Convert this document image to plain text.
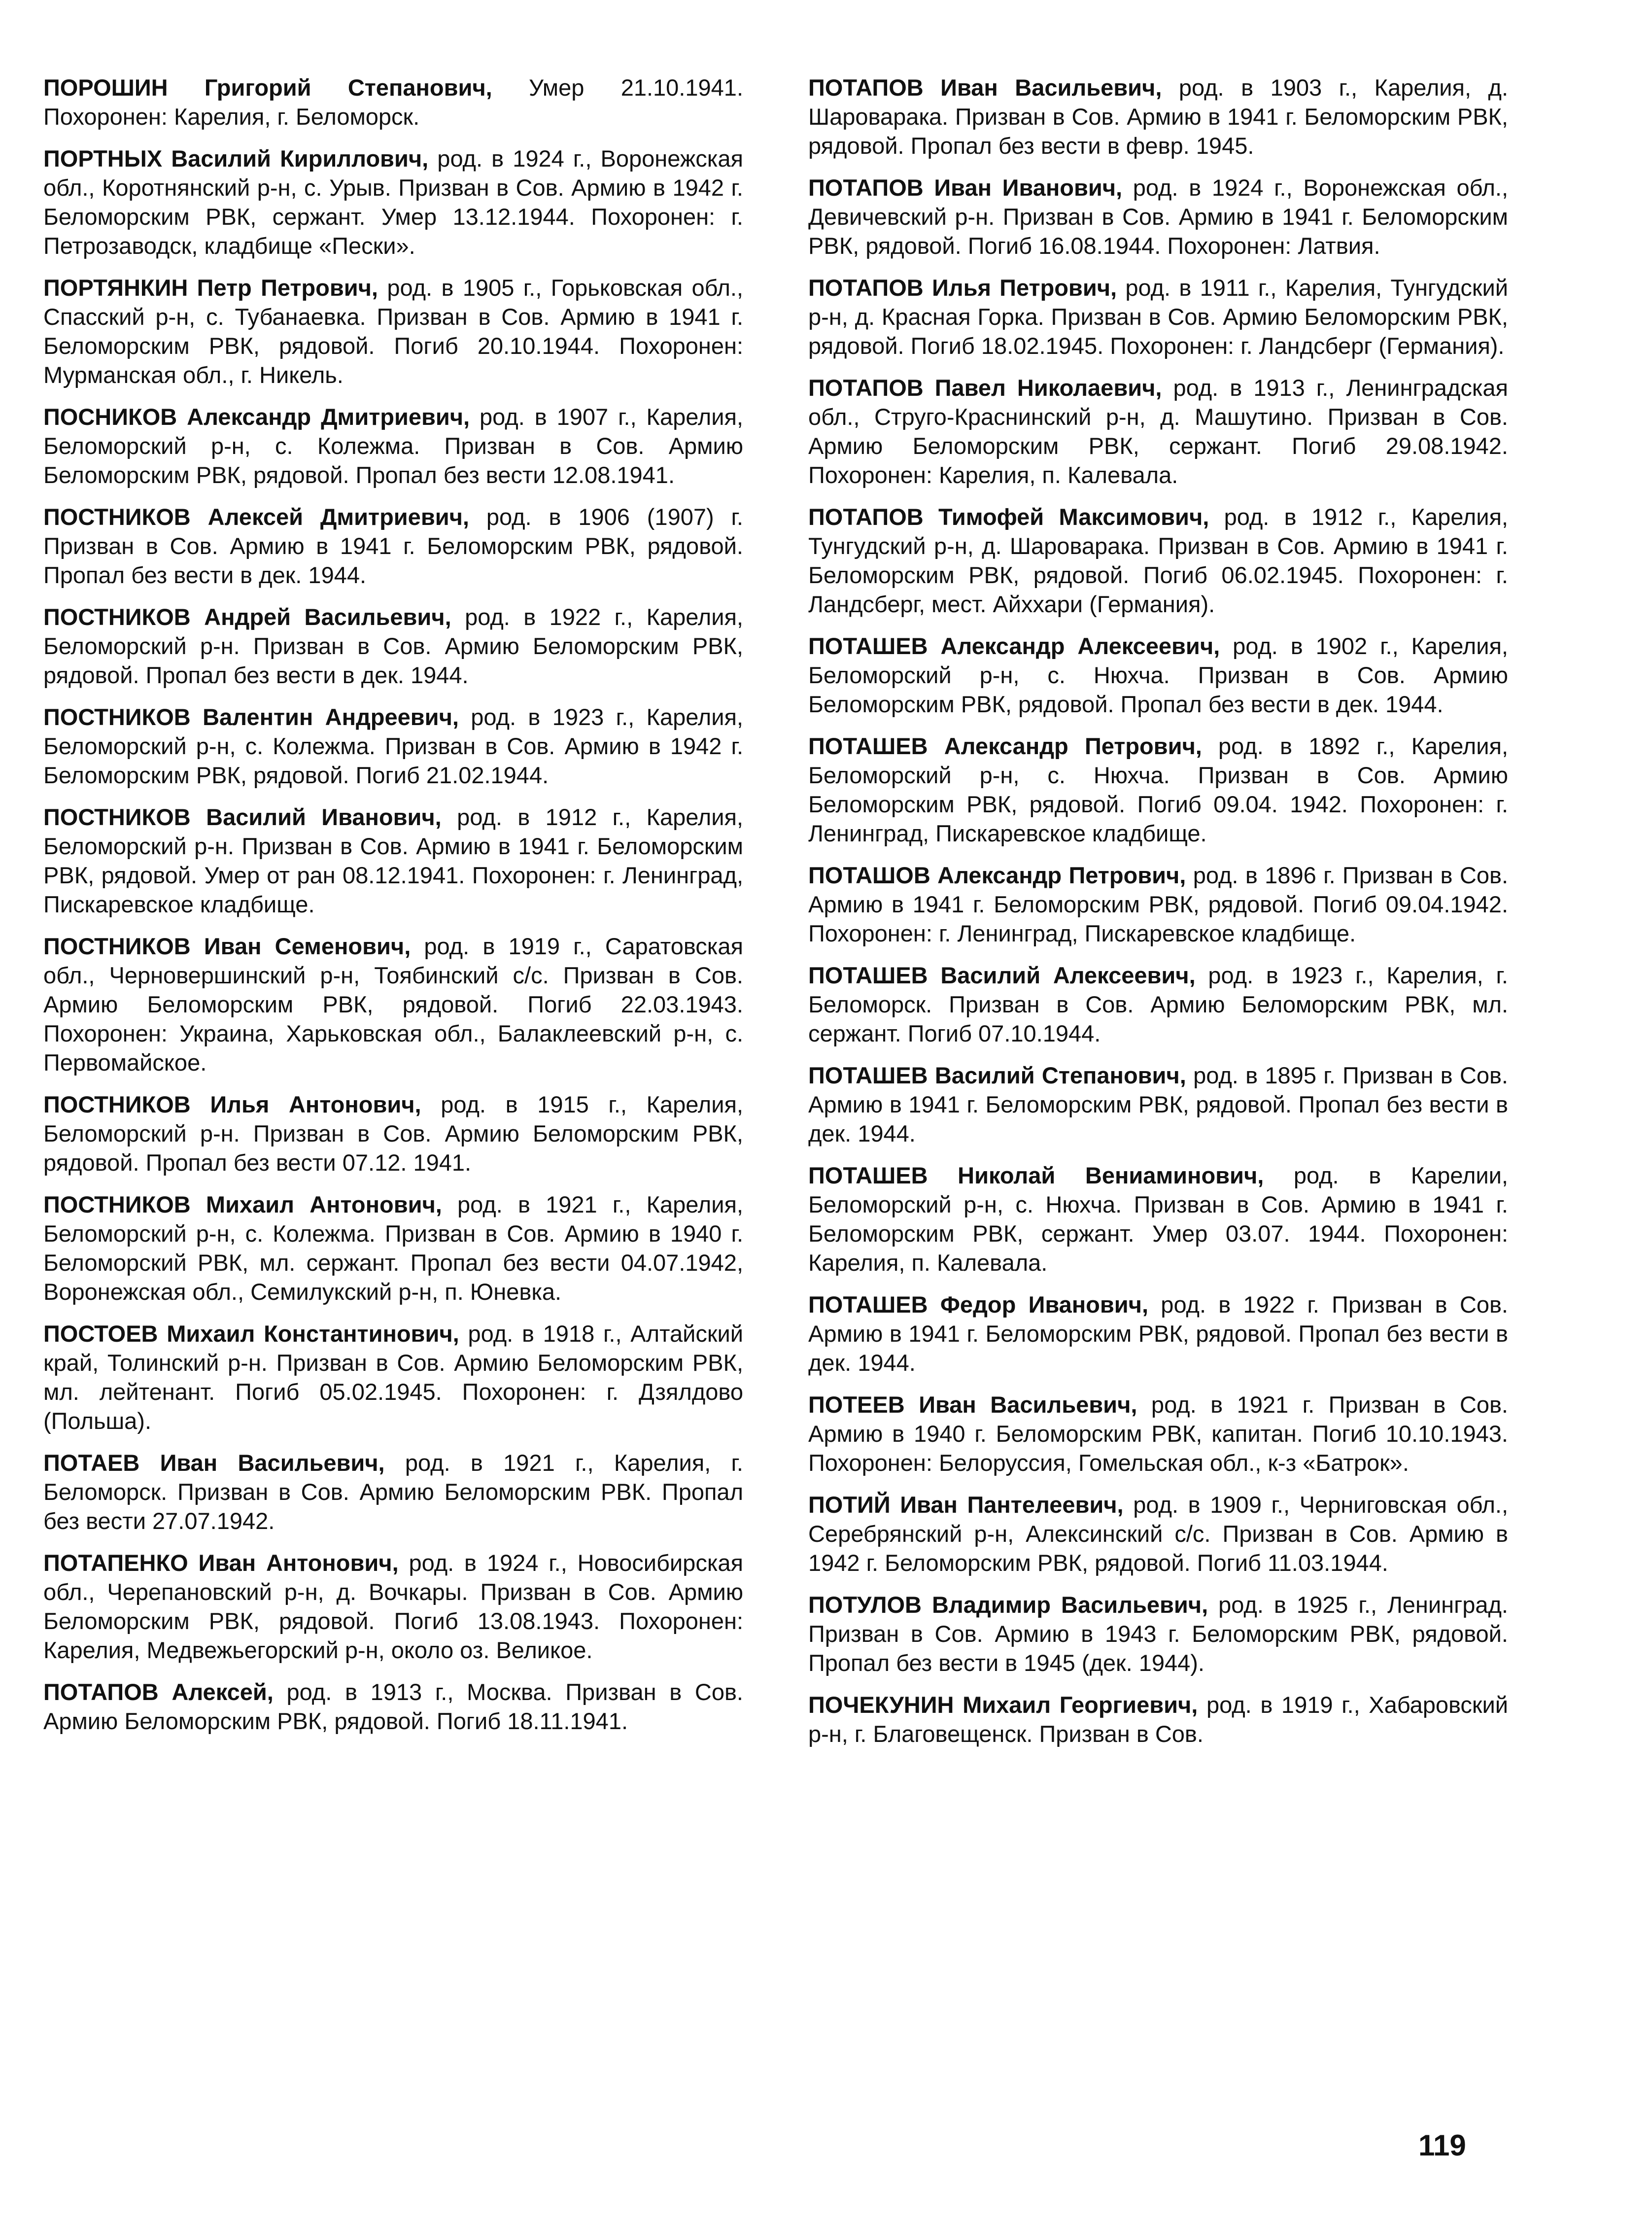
ПОРОШИН Григорий Степанович, Умер 21.10.1941. Похоронен: Карелия, г. Беломорск.

ПОРТНЫХ Василий Кириллович, род. в 1924 г., Воронежская обл., Коротнянский р-н, с. Урыв. Призван в Сов. Армию в 1942 г. Беломорским РВК, сержант. Умер 13.12.1944. Похоронен: г. Петрозаводск, кладбище «Пески».

ПОРТЯНКИН Петр Петрович, род. в 1905 г., Горьковская обл., Спасский р-н, с. Тубанаевка. Призван в Сов. Армию в 1941 г. Беломорским РВК, рядовой. Погиб 20.10.1944. Похоронен: Мурманская обл., г. Никель.

ПОСНИКОВ Александр Дмитриевич, род. в 1907 г., Карелия, Беломорский р-н, с. Колежма. Призван в Сов. Армию Беломорским РВК, рядовой. Пропал без вести 12.08.1941.

ПОСТНИКОВ Алексей Дмитриевич, род. в 1906 (1907) г. Призван в Сов. Армию в 1941 г. Беломорским РВК, рядовой. Пропал без вести в дек. 1944.

ПОСТНИКОВ Андрей Васильевич, род. в 1922 г., Карелия, Беломорский р-н. Призван в Сов. Армию Беломорским РВК, рядовой. Пропал без вести в дек. 1944.

ПОСТНИКОВ Валентин Андреевич, род. в 1923 г., Карелия, Беломорский р-н, с. Колежма. Призван в Сов. Армию в 1942 г. Беломорским РВК, рядовой. Погиб 21.02.1944.

ПОСТНИКОВ Василий Иванович, род. в 1912 г., Карелия, Беломорский р-н. Призван в Сов. Армию в 1941 г. Беломорским РВК, рядовой. Умер от ран 08.12.1941. Похоронен: г. Ленинград, Пискаревское кладбище.

ПОСТНИКОВ Иван Семенович, род. в 1919 г., Саратовская обл., Черновершинский р-н, Тоябинский с/с. Призван в Сов. Армию Беломорским РВК, рядовой. Погиб 22.03.1943. Похоронен: Украина, Харьковская обл., Балаклеевский р-н, с. Первомайское.

ПОСТНИКОВ Илья Антонович, род. в 1915 г., Карелия, Беломорский р-н. Призван в Сов. Армию Беломорским РВК, рядовой. Пропал без вести 07.12. 1941.

ПОСТНИКОВ Михаил Антонович, род. в 1921 г., Карелия, Беломорский р-н, с. Колежма. Призван в Сов. Армию в 1940 г. Беломорский РВК, мл. сержант. Пропал без вести 04.07.1942, Воронежская обл., Семилукский р-н, п. Юневка.

ПОСТОЕВ Михаил Константинович, род. в 1918 г., Алтайский край, Толинский р-н. Призван в Сов. Армию Беломорским РВК, мл. лейтенант. Погиб 05.02.1945. Похоронен: г. Дзялдово (Польша).

ПОТАЕВ Иван Васильевич, род. в 1921 г., Карелия, г. Беломорск. Призван в Сов. Армию Беломорским РВК. Пропал без вести 27.07.1942.

ПОТАПЕНКО Иван Антонович, род. в 1924 г., Новосибирская обл., Черепановский р-н, д. Вочкары. Призван в Сов. Армию Беломорским РВК, рядовой. Погиб 13.08.1943. Похоронен: Карелия, Медвежьегорский р-н, около оз. Великое.

ПОТАПОВ Алексей, род. в 1913 г., Москва. Призван в Сов. Армию Беломорским РВК, рядовой. Погиб 18.11.1941.

ПОТАПОВ Иван Васильевич, род. в 1903 г., Карелия, д. Шароваракa. Призван в Сов. Армию в 1941 г. Беломорским РВК, рядовой. Пропал без вести в февр. 1945.

ПОТАПОВ Иван Иванович, род. в 1924 г., Воронежская обл., Девичевский р-н. Призван в Сов. Армию в 1941 г. Беломорским РВК, рядовой. Погиб 16.08.1944. Похоронен: Латвия.

ПОТАПОВ Илья Петрович, род. в 1911 г., Карелия, Тунгудский р-н, д. Красная Горка. Призван в Сов. Армию Беломорским РВК, рядовой. Погиб 18.02.1945. Похоронен: г. Ландсберг (Германия).

ПОТАПОВ Павел Николаевич, род. в 1913 г., Ленинградская обл., Струго-Краснинский р-н, д. Машутино. Призван в Сов. Армию Беломорским РВК, сержант. Погиб 29.08.1942. Похоронен: Карелия, п. Калевала.

ПОТАПОВ Тимофей Максимович, род. в 1912 г., Карелия, Тунгудский р-н, д. Шароваракa. Призван в Сов. Армию в 1941 г. Беломорским РВК, рядовой. Погиб 06.02.1945. Похоронен: г. Ландсберг, мест. Айххари (Германия).

ПОТАШЕВ Александр Алексеевич, род. в 1902 г., Карелия, Беломорский р-н, с. Нюхча. Призван в Сов. Армию Беломорским РВК, рядовой. Пропал без вести в дек. 1944.

ПОТАШЕВ Александр Петрович, род. в 1892 г., Карелия, Беломорский р-н, с. Нюхча. Призван в Сов. Армию Беломорским РВК, рядовой. Погиб 09.04. 1942. Похоронен: г. Ленинград, Пискаревское кладбище.

ПОТАШОВ Александр Петрович, род. в 1896 г. Призван в Сов. Армию в 1941 г. Беломорским РВК, рядовой. Погиб 09.04.1942. Похоронен: г. Ленинград, Пискаревское кладбище.

ПОТАШЕВ Василий Алексеевич, род. в 1923 г., Карелия, г. Беломорск. Призван в Сов. Армию Беломорским РВК, мл. сержант. Погиб 07.10.1944.

ПОТАШЕВ Василий Степанович, род. в 1895 г. Призван в Сов. Армию в 1941 г. Беломорским РВК, рядовой. Пропал без вести в дек. 1944.

ПОТАШЕВ Николай Вениаминович, род. в Карелии, Беломорский р-н, с. Нюхча. Призван в Сов. Армию в 1941 г. Беломорским РВК, сержант. Умер 03.07. 1944. Похоронен: Карелия, п. Калевала.

ПОТАШЕВ Федор Иванович, род. в 1922 г. Призван в Сов. Армию в 1941 г. Беломорским РВК, рядовой. Пропал без вести в дек. 1944.

ПОТЕЕВ Иван Васильевич, род. в 1921 г. Призван в Сов. Армию в 1940 г. Беломорским РВК, капитан. Погиб 10.10.1943. Похоронен: Белоруссия, Гомельская обл., к-з «Батрок».

ПОТИЙ Иван Пантелеевич, род. в 1909 г., Черниговская обл., Серебрянский р-н, Алексинский с/с. Призван в Сов. Армию в 1942 г. Беломорским РВК, рядовой. Погиб 11.03.1944.

ПОТУЛОВ Владимир Васильевич, род. в 1925 г., Ленинград. Призван в Сов. Армию в 1943 г. Беломорским РВК, рядовой. Пропал без вести в 1945 (дек. 1944).

ПОЧЕКУНИН Михаил Георгиевич, род. в 1919 г., Хабаровский р-н, г. Благовещенск. Призван в Сов.

119
